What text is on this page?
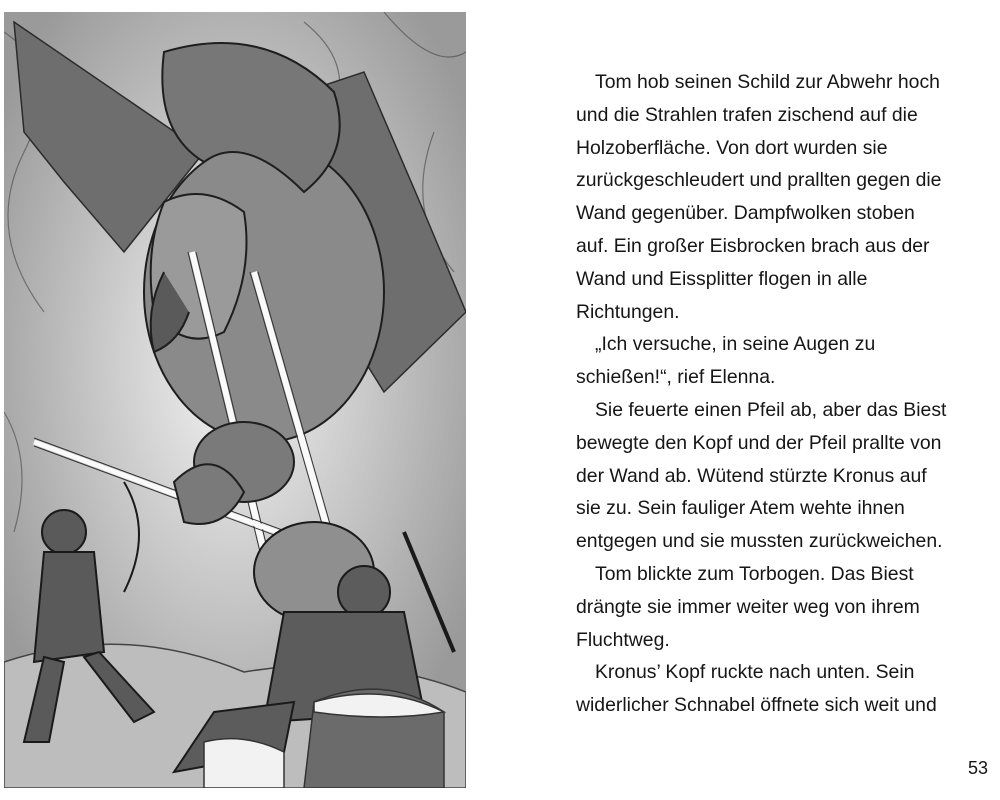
Tom hob seinen Schild zur Abwehr hoch
und die Strahlen trafen zischend auf die
Holzoberfläche. Von dort wurden sie
zurückgeschleudert und prallten gegen die
Wand gegenüber. Dampfwolken stoben
auf. Ein großer Eisbrocken brach aus der
Wand und Eissplitter flogen in alle
Richtungen.

„Ich versuche, in seine Augen zu
schießen!“, rief Elenna.

Sie feuerte einen Pfeil ab, aber das Biest
bewegte den Kopf und der Pfeil prallte von
der Wand ab. Wütend stürzte Kronus auf
sie zu. Sein fauliger Atem wehte ihnen
entgegen und sie mussten zurückweichen.

Tom blickte zum Torbogen. Das Biest
drängte sie immer weiter weg von ihrem
Fluchtweg.

Kronus’ Kopf ruckte nach unten. Sein
widerlicher Schnabel öffnete sich weit und

53
